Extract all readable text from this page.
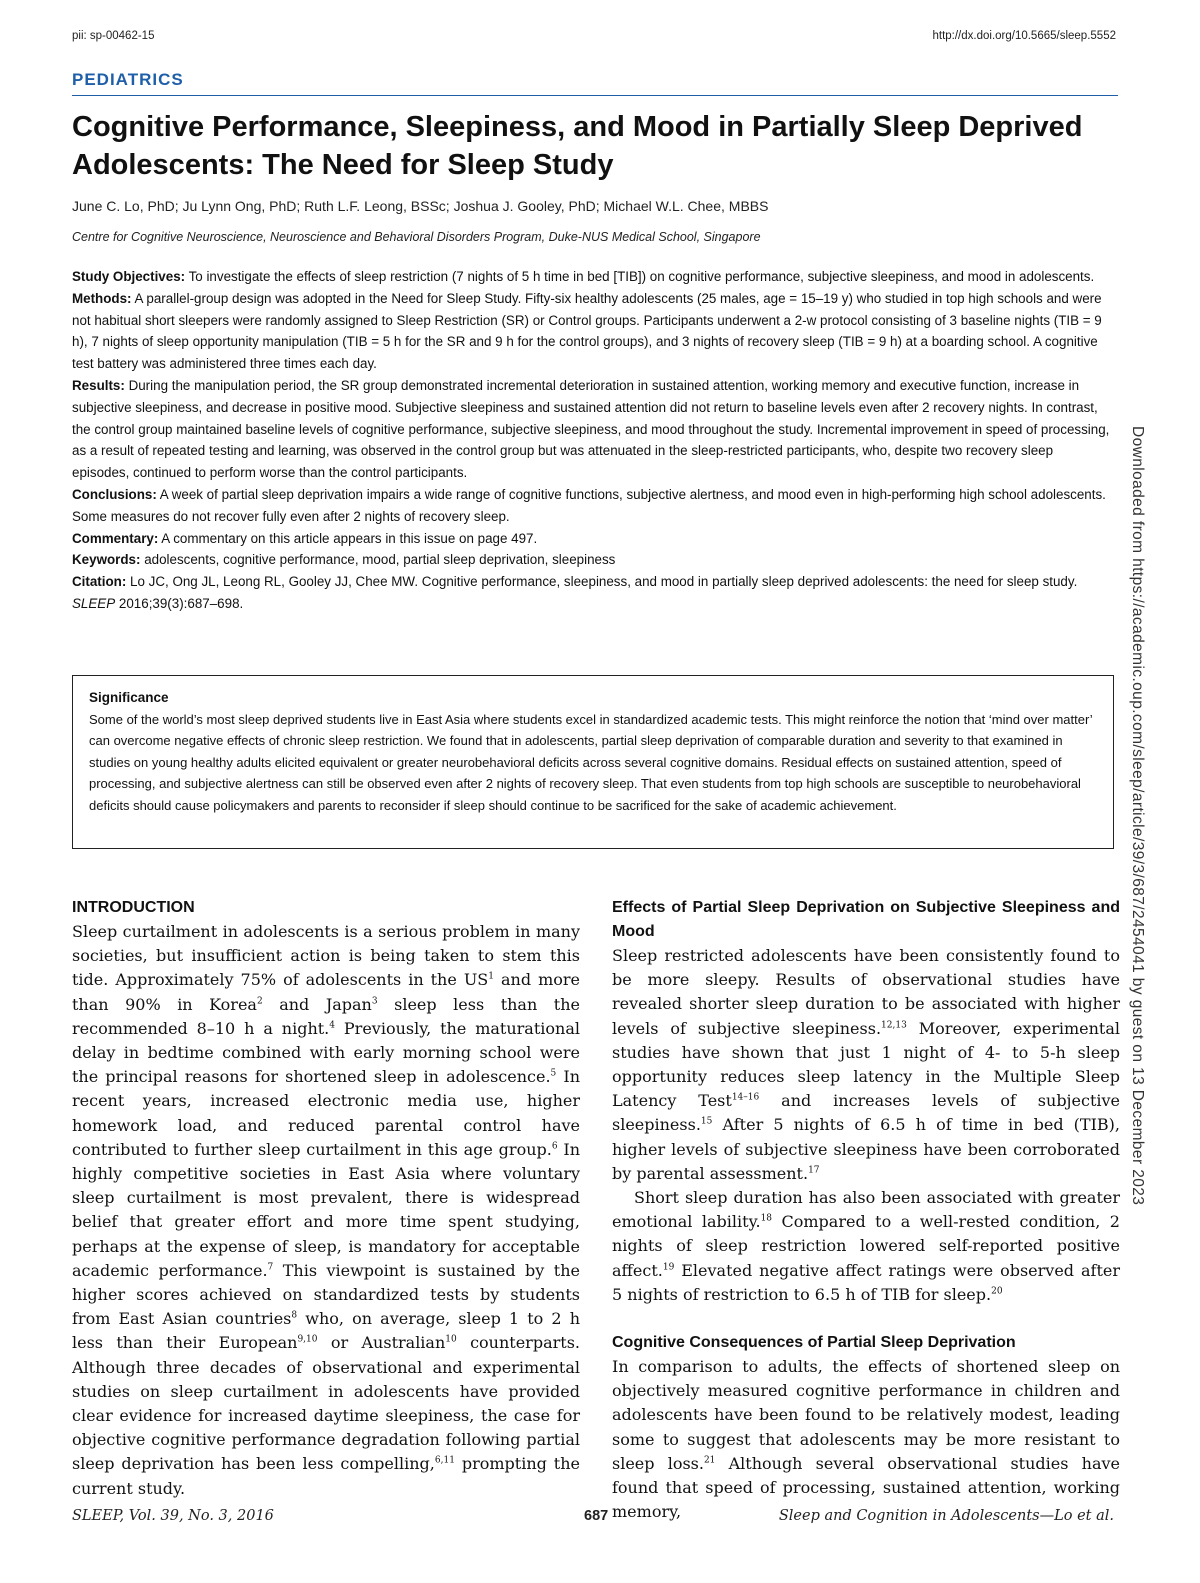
pii: sp-00462-15	http://dx.doi.org/10.5665/sleep.5552
PEDIATRICS
Cognitive Performance, Sleepiness, and Mood in Partially Sleep Deprived Adolescents: The Need for Sleep Study
June C. Lo, PhD; Ju Lynn Ong, PhD; Ruth L.F. Leong, BSSc; Joshua J. Gooley, PhD; Michael W.L. Chee, MBBS
Centre for Cognitive Neuroscience, Neuroscience and Behavioral Disorders Program, Duke-NUS Medical School, Singapore

Study Objectives: To investigate the effects of sleep restriction (7 nights of 5 h time in bed [TIB]) on cognitive performance, subjective sleepiness, and mood in adolescents.

Methods: A parallel-group design was adopted in the Need for Sleep Study. Fifty-six healthy adolescents (25 males, age = 15–19 y) who studied in top high schools and were not habitual short sleepers were randomly assigned to Sleep Restriction (SR) or Control groups. Participants underwent a 2-w protocol consisting of 3 baseline nights (TIB = 9 h), 7 nights of sleep opportunity manipulation (TIB = 5 h for the SR and 9 h for the control groups), and 3 nights of recovery sleep (TIB = 9 h) at a boarding school. A cognitive test battery was administered three times each day.

Results: During the manipulation period, the SR group demonstrated incremental deterioration in sustained attention, working memory and executive function, increase in subjective sleepiness, and decrease in positive mood. Subjective sleepiness and sustained attention did not return to baseline levels even after 2 recovery nights. In contrast, the control group maintained baseline levels of cognitive performance, subjective sleepiness, and mood throughout the study. Incremental improvement in speed of processing, as a result of repeated testing and learning, was observed in the control group but was attenuated in the sleep-restricted participants, who, despite two recovery sleep episodes, continued to perform worse than the control participants.

Conclusions: A week of partial sleep deprivation impairs a wide range of cognitive functions, subjective alertness, and mood even in high-performing high school adolescents. Some measures do not recover fully even after 2 nights of recovery sleep.

Commentary: A commentary on this article appears in this issue on page 497.

Keywords: adolescents, cognitive performance, mood, partial sleep deprivation, sleepiness

Citation: Lo JC, Ong JL, Leong RL, Gooley JJ, Chee MW. Cognitive performance, sleepiness, and mood in partially sleep deprived adolescents: the need for sleep study. SLEEP 2016;39(3):687–698.

Significance
Some of the world’s most sleep deprived students live in East Asia where students excel in standardized academic tests. This might reinforce the notion that ‘mind over matter’ can overcome negative effects of chronic sleep restriction. We found that in adolescents, partial sleep deprivation of comparable duration and severity to that examined in studies on young healthy adults elicited equivalent or greater neurobehavioral deficits across several cognitive domains. Residual effects on sustained attention, speed of processing, and subjective alertness can still be observed even after 2 nights of recovery sleep. That even students from top high schools are susceptible to neurobehavioral deficits should cause policymakers and parents to reconsider if sleep should continue to be sacrificed for the sake of academic achievement.
INTRODUCTION

Sleep curtailment in adolescents is a serious problem in many societies, but insufficient action is being taken to stem this tide. Approximately 75% of adolescents in the $US^1$ and more than 90% in Korea$^2$ and Japan$^3$ sleep less than the recommended 8–10 h a night.$^4$ Previously, the maturational delay in bedtime combined with early morning school were the principal reasons for shortened sleep in adolescence.$^5$ In recent years, increased electronic media use, higher homework load, and reduced parental control have contributed to further sleep curtailment in this age group.$^6$ In highly competitive societies in East Asia where voluntary sleep curtailment is most prevalent, there is widespread belief that greater effort and more time spent studying, perhaps at the expense of sleep, is mandatory for acceptable academic performance.$^7$ This viewpoint is sustained by the higher scores achieved on standardized tests by students from East Asian countries$^8$ who, on average, sleep 1 to 2 h less than their European$^{9,10}$ or Australian$^{10}$ counterparts. Although three decades of observational and experimental studies on sleep curtailment in adolescents have provided clear evidence for increased daytime sleepiness, the case for objective cognitive performance degradation following partial sleep deprivation has been less compelling,$^{6,11}$ prompting the current study.

Effects of Partial Sleep Deprivation on Subjective Sleepiness and Mood

Sleep restricted adolescents have been consistently found to be more sleepy. Results of observational studies have revealed shorter sleep duration to be associated with higher levels of subjective sleepiness.$^{12,13}$ Moreover, experimental studies have shown that just 1 night of 4- to 5-h sleep opportunity reduces sleep latency in the Multiple Sleep Latency Test$^{14-16}$ and increases levels of subjective sleepiness.$^{15}$ After 5 nights of 6.5 h of time in bed (TIB), higher levels of subjective sleepiness have been corroborated by parental assessment.$^{17}$

Short sleep duration has also been associated with greater emotional lability.$^{18}$ Compared to a well-rested condition, 2 nights of sleep restriction lowered self-reported positive affect.$^{19}$ Elevated negative affect ratings were observed after 5 nights of restriction to 6.5 h of TIB for sleep.$^{20}$

Cognitive Consequences of Partial Sleep Deprivation

In comparison to adults, the effects of shortened sleep on objectively measured cognitive performance in children and adolescents have been found to be relatively modest, leading some to suggest that adolescents may be more resistant to sleep loss.$^{21}$ Although several observational studies have found that speed of processing, sustained attention, working memory,

Downloaded from https://academic.oup.com/sleep/article/39/3/687/2454041 by guest on 13 December 2023
SLEEP, Vol. 39, No. 3, 2016	687	Sleep and Cognition in Adolescents—Lo et al.
